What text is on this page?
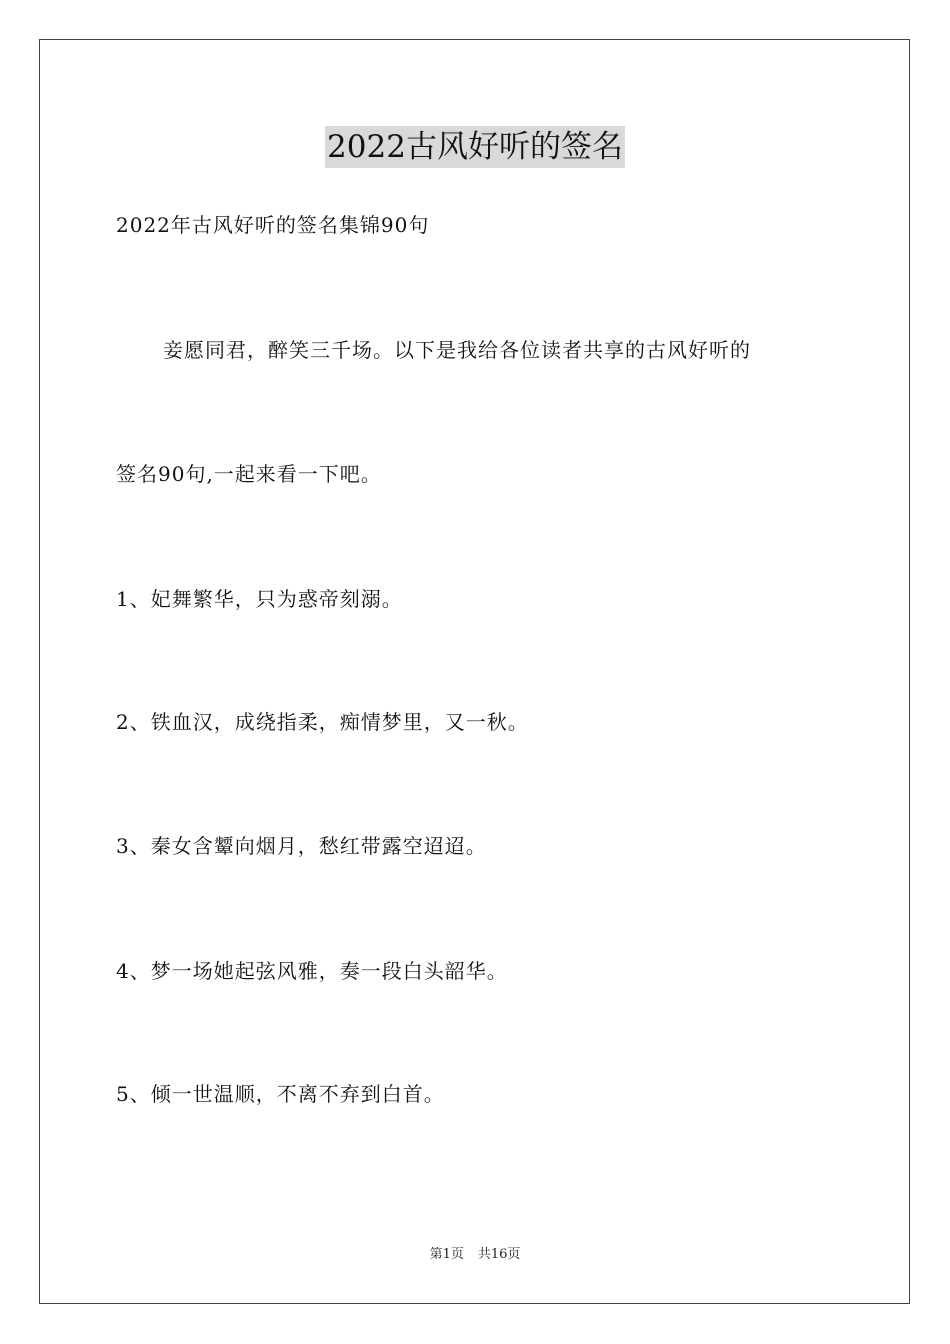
2022古风好听的签名
2022年古风好听的签名集锦90句
妾愿同君，醉笑三千场。以下是我给各位读者共享的古风好听的
签名90句,一起来看一下吧。
1、妃舞繁华，只为惑帝刻溺。
2、铁血汉，成绕指柔，痴情梦里，又一秋。
3、秦女含颦向烟月，愁红带露空迢迢。
4、梦一场她起弦风雅，奏一段白头韶华。
5、倾一世温顺，不离不弃到白首。
第1页 共16页
